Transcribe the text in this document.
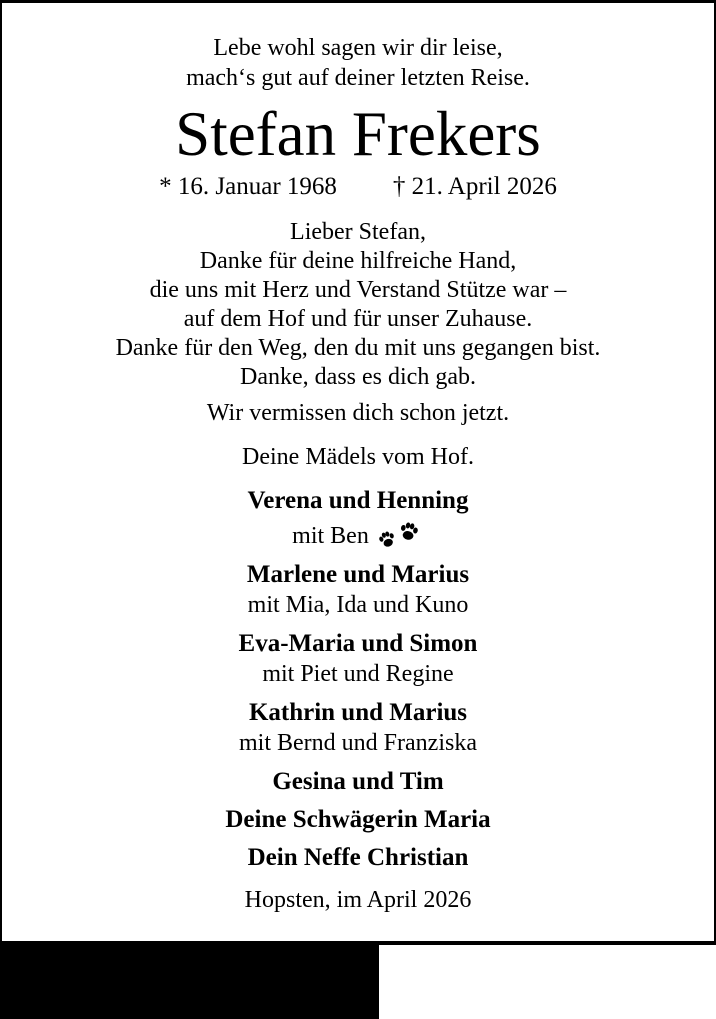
Lebe wohl sagen wir dir leise,
mach‘s gut auf deiner letzten Reise.
Stefan Frekers
* 16. Januar 1968 † 21. April 2026
Lieber Stefan,
Danke für deine hilfreiche Hand,
die uns mit Herz und Verstand Stütze war –
auf dem Hof und für unser Zuhause.
Danke für den Weg, den du mit uns gegangen bist.
Danke, dass es dich gab.
Wir vermissen dich schon jetzt.
Deine Mädels vom Hof.
Verena und Henning
mit Ben
Marlene und Marius
mit Mia, Ida und Kuno
Eva-Maria und Simon
mit Piet und Regine
Kathrin und Marius
mit Bernd und Franziska
Gesina und Tim
Deine Schwägerin Maria
Dein Neffe Christian
Hopsten, im April 2026
